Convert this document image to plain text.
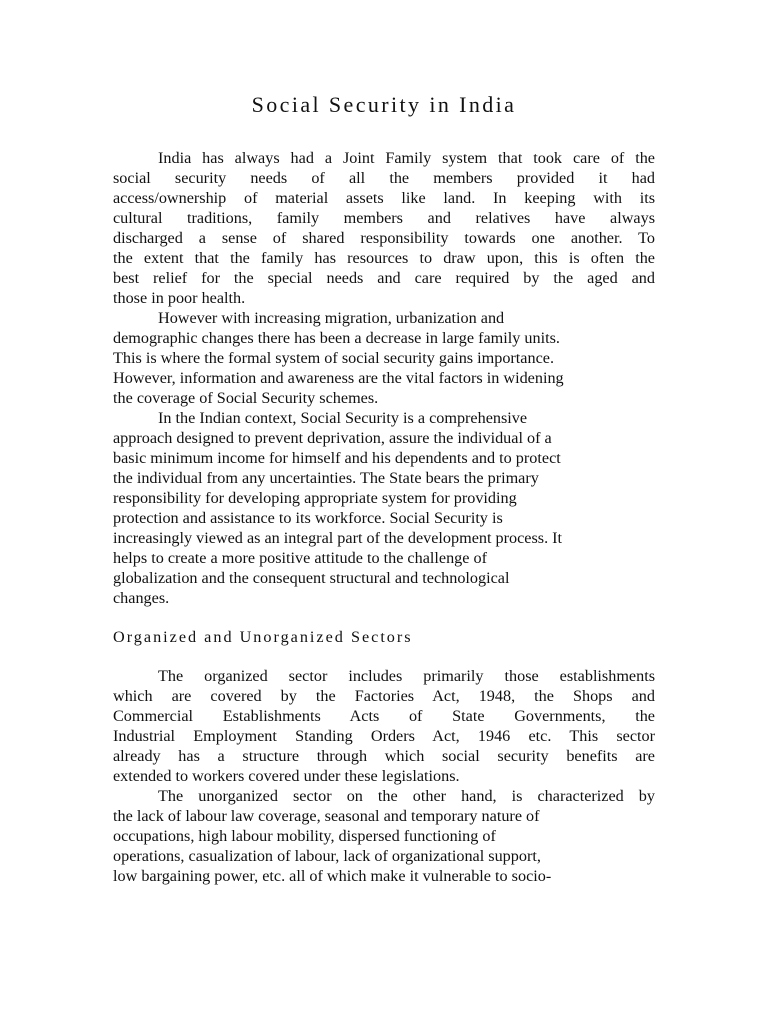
Social Security in India
India has always had a Joint Family system that took care of the
social security needs of all the members provided it had
access/ownership of material assets like land. In keeping with its
cultural traditions, family members and relatives have always
discharged a sense of shared responsibility towards one another. To
the extent that the family has resources to draw upon, this is often the
best relief for the special needs and care required by the aged and
those in poor health.
However with increasing migration, urbanization and
demographic changes there has been a decrease in large family units.
This is where the formal system of social security gains importance.
However, information and awareness are the vital factors in widening
the coverage of Social Security schemes.
In the Indian context, Social Security is a comprehensive
approach designed to prevent deprivation, assure the individual of a
basic minimum income for himself and his dependents and to protect
the individual from any uncertainties. The State bears the primary
responsibility for developing appropriate system for providing
protection and assistance to its workforce. Social Security is
increasingly viewed as an integral part of the development process. It
helps to create a more positive attitude to the challenge of
globalization and the consequent structural and technological
changes.
Organized and Unorganized Sectors
The organized sector includes primarily those establishments
which are covered by the Factories Act, 1948, the Shops and
Commercial Establishments Acts of State Governments, the
Industrial Employment Standing Orders Act, 1946 etc. This sector
already has a structure through which social security benefits are
extended to workers covered under these legislations.
The unorganized sector on the other hand, is characterized by
the lack of labour law coverage, seasonal and temporary nature of
occupations, high labour mobility, dispersed functioning of
operations, casualization of labour, lack of organizational support,
low bargaining power, etc. all of which make it vulnerable to socio-
